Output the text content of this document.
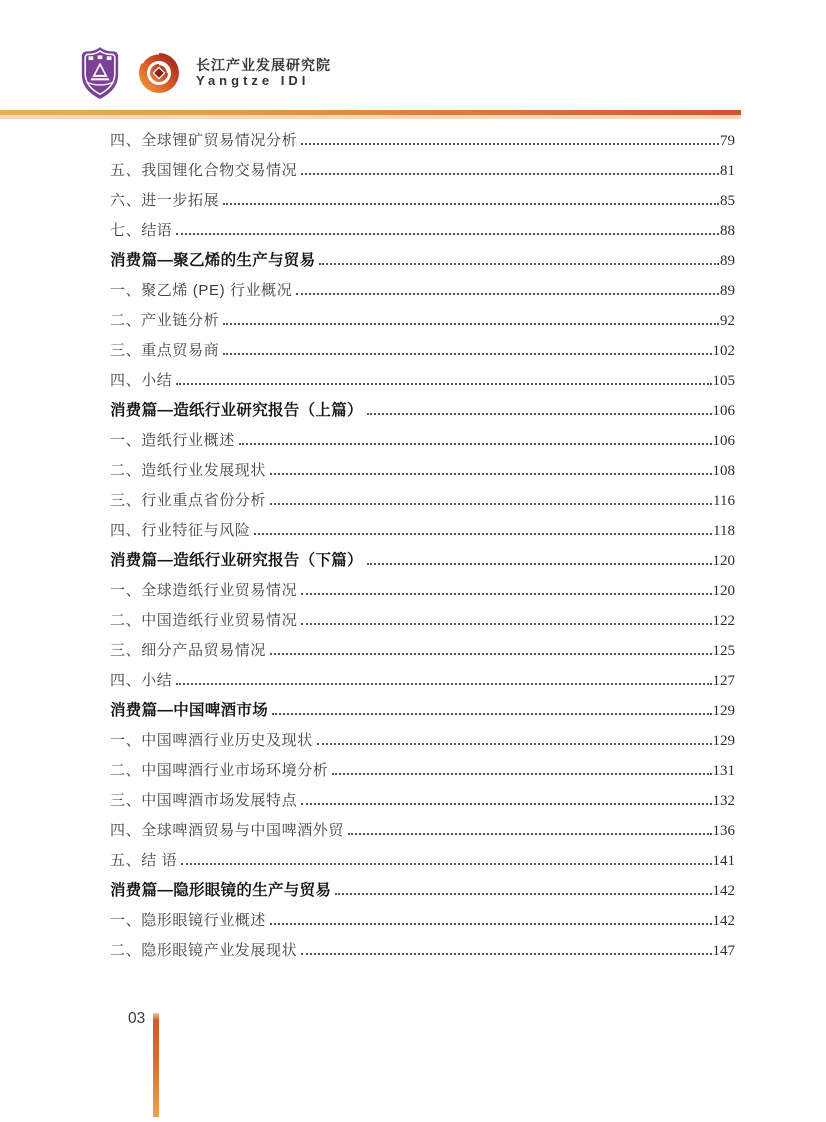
长江产业发展研究院
Yangtze IDI
四、全球锂矿贸易情况分析	79
五、我国锂化合物交易情况	81
六、进一步拓展	85
七、结语	88
消费篇—聚乙烯的生产与贸易	89
一、聚乙烯 (PE) 行业概况	89
二、产业链分析	92
三、重点贸易商	102
四、小结	105
消费篇—造纸行业研究报告（上篇）	106
一、造纸行业概述	106
二、造纸行业发展现状	108
三、行业重点省份分析	116
四、行业特征与风险	118
消费篇—造纸行业研究报告（下篇）	120
一、全球造纸行业贸易情况	120
二、中国造纸行业贸易情况	122
三、细分产品贸易情况	125
四、小结	127
消费篇—中国啤酒市场	129
一、中国啤酒行业历史及现状	129
二、中国啤酒行业市场环境分析	131
三、中国啤酒市场发展特点	132
四、全球啤酒贸易与中国啤酒外贸	136
五、结 语	141
消费篇—隐形眼镜的生产与贸易	142
一、隐形眼镜行业概述	142
二、隐形眼镜产业发展现状	147
03
